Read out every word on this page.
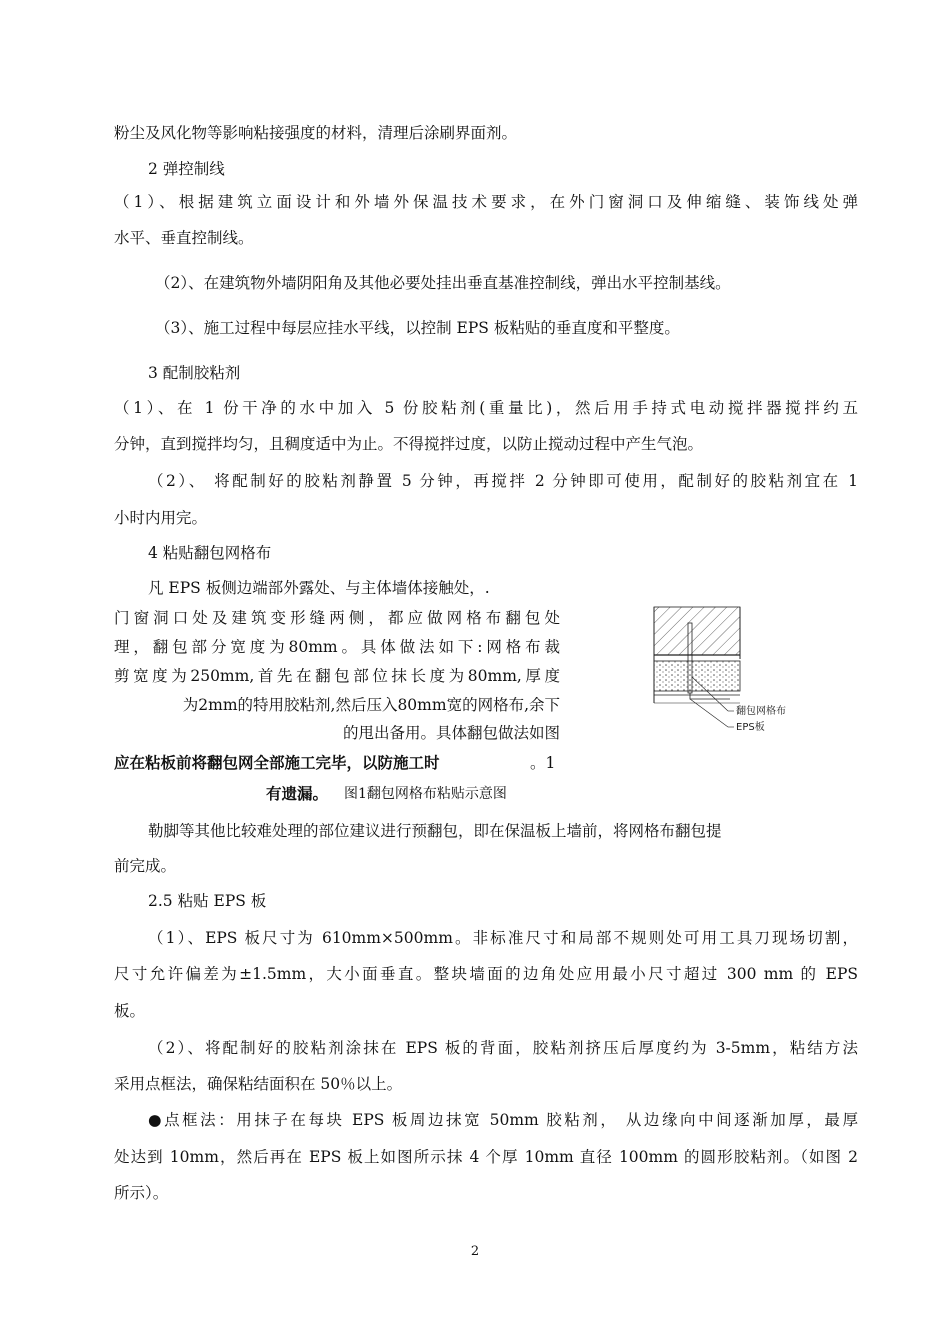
粉尘及风化物等影响粘接强度的材料，清理后涂刷界面剂。
2 弹控制线
（1）、根据建筑立面设计和外墙外保温技术要求，在外门窗洞口及伸缩缝、装饰线处弹
水平、垂直控制线。
（2）、在建筑物外墙阴阳角及其他必要处挂出垂直基准控制线，弹出水平控制基线。
（3）、施工过程中每层应挂水平线，以控制 EPS 板粘贴的垂直度和平整度。
3 配制胶粘剂
（1）、在 1 份干净的水中加入 5 份胶粘剂(重量比)，然后用手持式电动搅拌器搅拌约五
分钟，直到搅拌均匀，且稠度适中为止。不得搅拌过度，以防止搅动过程中产生气泡。
（2）、 将配制好的胶粘剂静置 5 分钟，再搅拌 2 分钟即可使用，配制好的胶粘剂宜在 1
小时内用完。
4 粘贴翻包网格布
凡 EPS 板侧边端部外露处、与主体墙体接触处，.
门窗洞口处及建筑变形缝两侧，都应做网格布翻包处
理，翻包部分宽度为80mm。具体做法如下:网格布裁
剪宽度为250mm,首先在翻包部位抹长度为80mm,厚度
为2mm的特用胶粘剂,然后压入80mm宽的网格布,余下
的甩出备用。具体翻包做法如图
应在粘板前将翻包网全部施工完毕，以防施工时	。1
有遗漏。 图1翻包网格布粘贴示意图
翻包网格布
EPS板
勒脚等其他比较难处理的部位建议进行预翻包，即在保温板上墙前，将网格布翻包提
前完成。
2.5 粘贴 EPS 板
（1）、EPS 板尺寸为 610mm×500mm。非标准尺寸和局部不规则处可用工具刀现场切割，
尺寸允许偏差为±1.5mm，大小面垂直。整块墙面的边角处应用最小尺寸超过 300 mm 的 EPS
板。
（2）、将配制好的胶粘剂涂抹在 EPS 板的背面，胶粘剂挤压后厚度约为 3-5mm，粘结方法
采用点框法，确保粘结面积在 50％以上。
●点框法：用抹子在每块 EPS 板周边抹宽 50mm 胶粘剂， 从边缘向中间逐渐加厚，最厚
处达到 10mm，然后再在 EPS 板上如图所示抹 4 个厚 10mm 直径 100mm 的圆形胶粘剂。（如图 2
所示）。
2
